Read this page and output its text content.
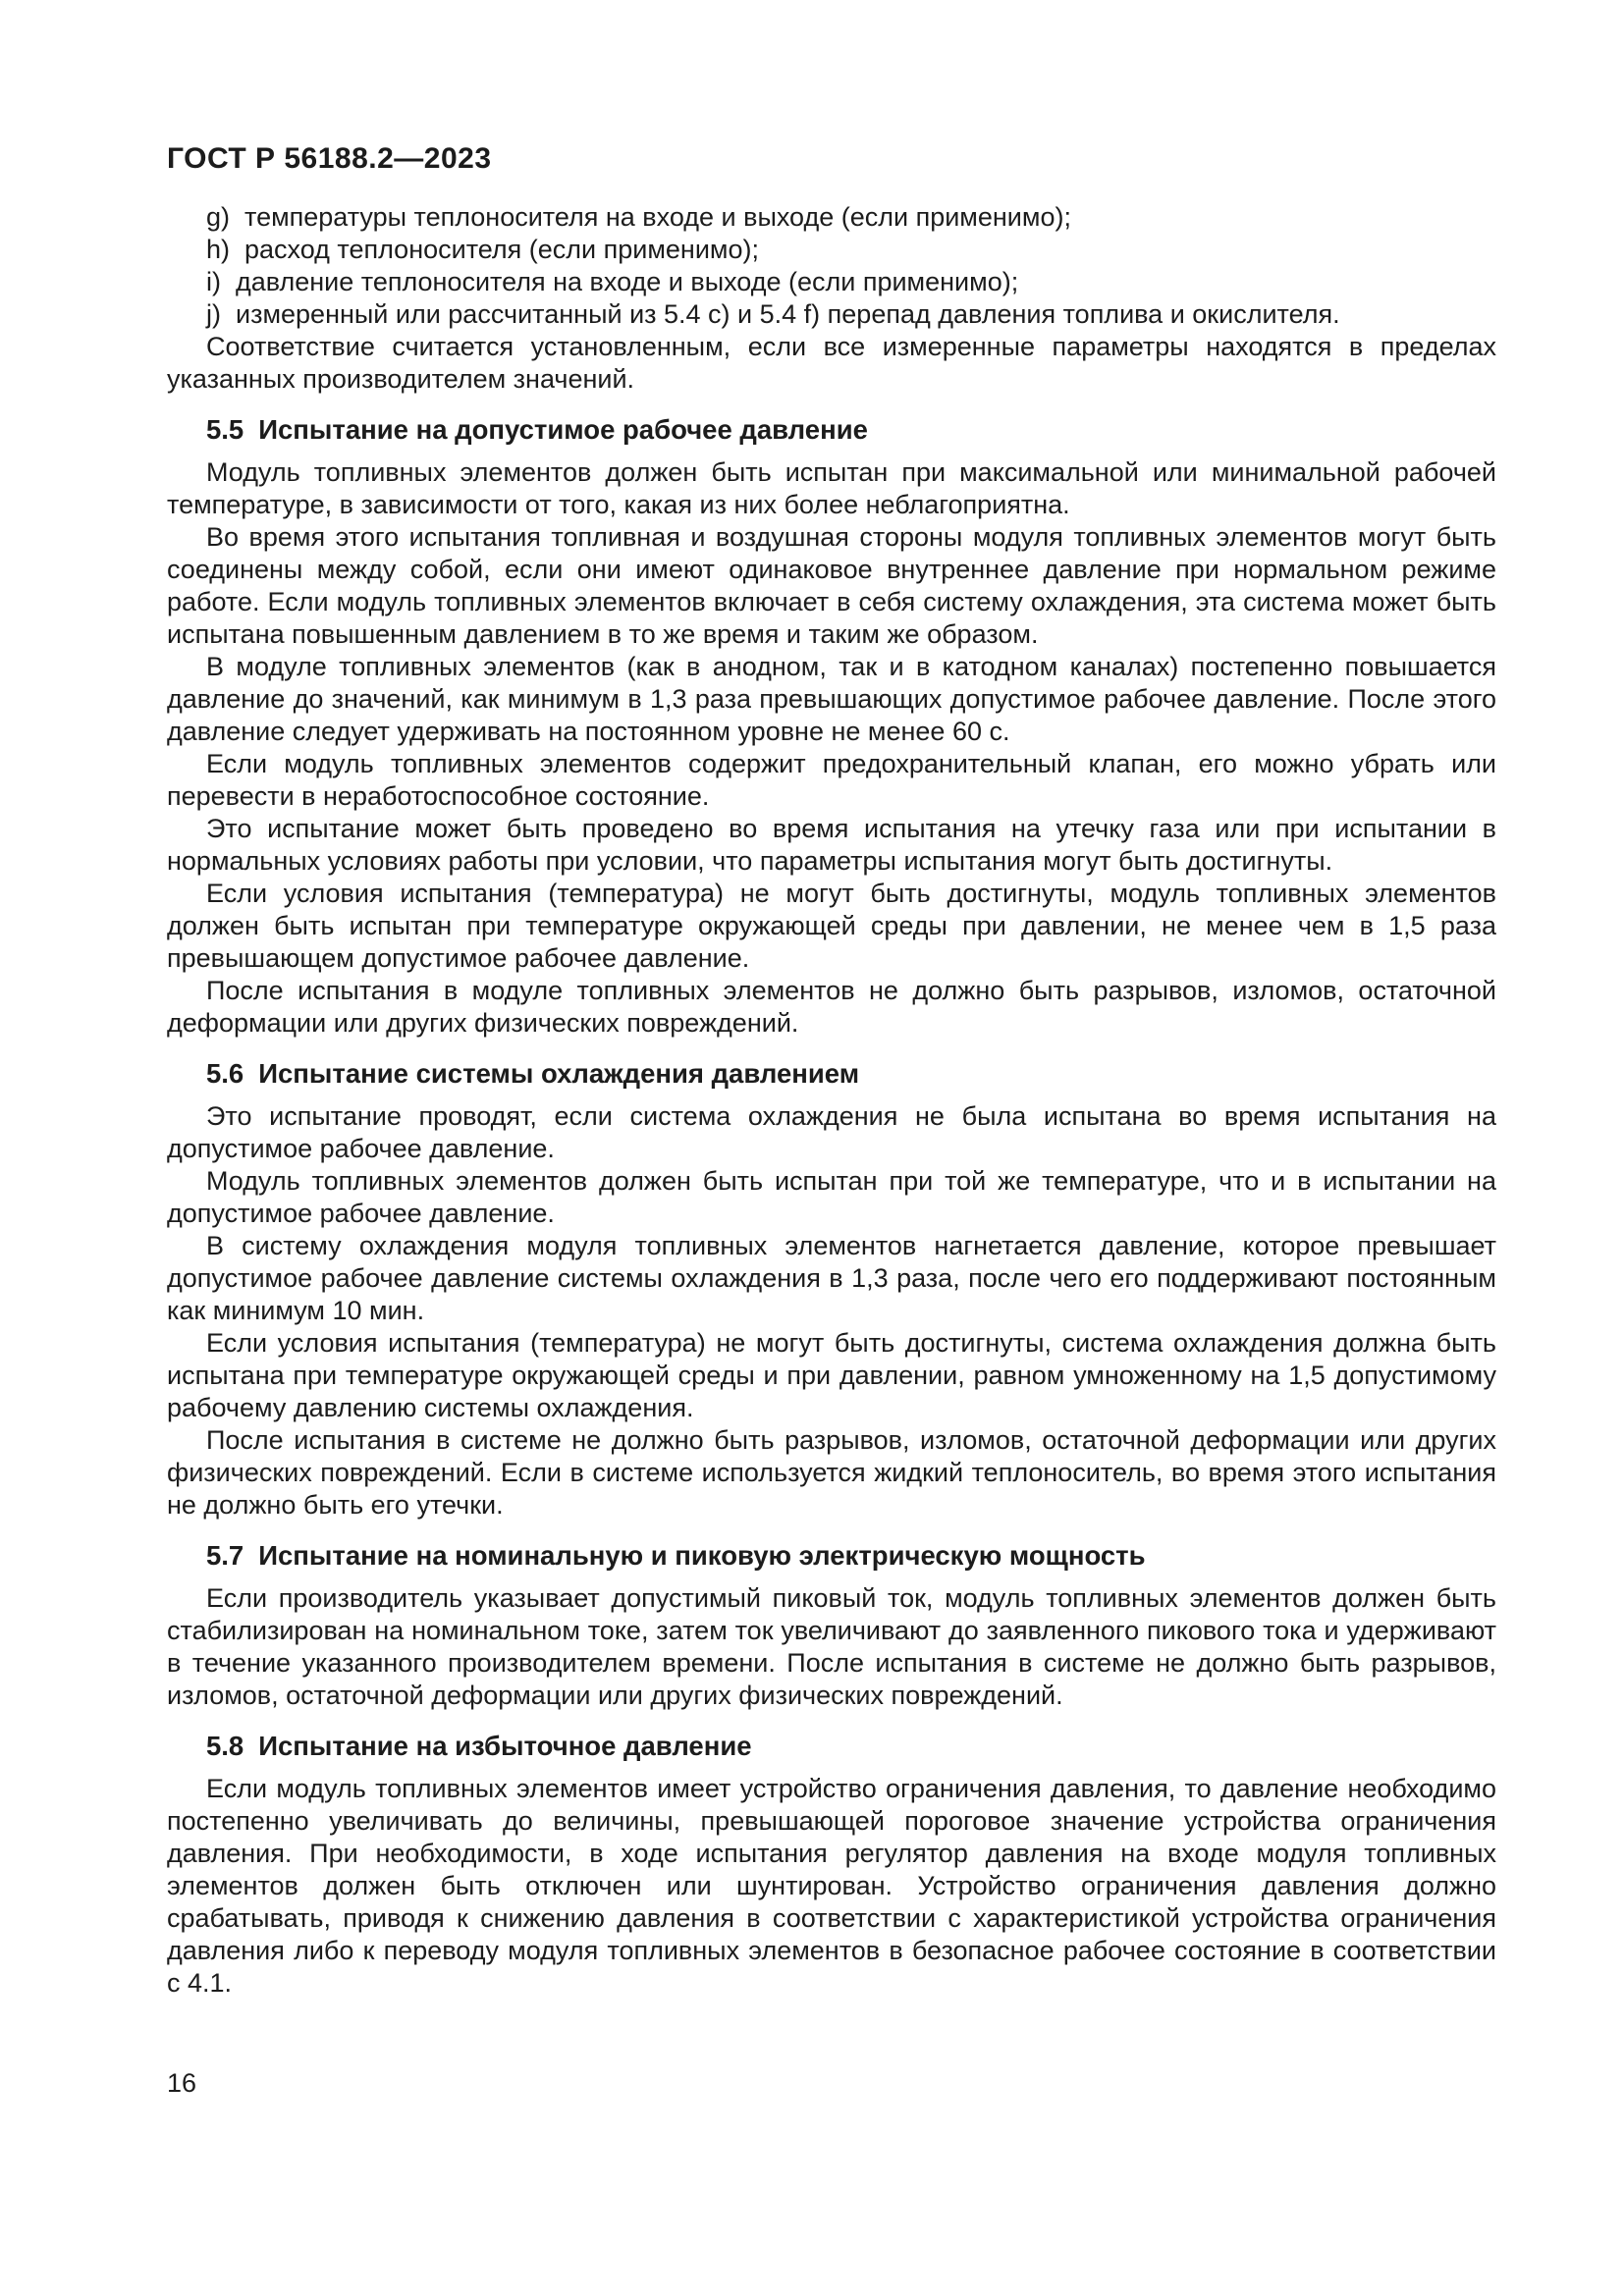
ГОСТ Р 56188.2—2023

g)  температуры теплоносителя на входе и выходе (если применимо);

h)  расход теплоносителя (если применимо);

i)  давление теплоносителя на входе и выходе (если применимо);

j)  измеренный или рассчитанный из 5.4 c) и 5.4 f) перепад давления топлива и окислителя.

Соответствие считается установленным, если все измеренные параметры находятся в пределах указанных производителем значений.

5.5 Испытание на допустимое рабочее давление

Модуль топливных элементов должен быть испытан при максимальной или минимальной рабочей температуре, в зависимости от того, какая из них более неблагоприятна.

Во время этого испытания топливная и воздушная стороны модуля топливных элементов могут быть соединены между собой, если они имеют одинаковое внутреннее давление при нормальном режиме работе. Если модуль топливных элементов включает в себя систему охлаждения, эта система может быть испытана повышенным давлением в то же время и таким же образом.

В модуле топливных элементов (как в анодном, так и в катодном каналах) постепенно повышается давление до значений, как минимум в 1,3 раза превышающих допустимое рабочее давление. После этого давление следует удерживать на постоянном уровне не менее 60 с.

Если модуль топливных элементов содержит предохранительный клапан, его можно убрать или перевести в неработоспособное состояние.

Это испытание может быть проведено во время испытания на утечку газа или при испытании в нормальных условиях работы при условии, что параметры испытания могут быть достигнуты.

Если условия испытания (температура) не могут быть достигнуты, модуль топливных элементов должен быть испытан при температуре окружающей среды при давлении, не менее чем в 1,5 раза превышающем допустимое рабочее давление.

После испытания в модуле топливных элементов не должно быть разрывов, изломов, остаточной деформации или других физических повреждений.

5.6 Испытание системы охлаждения давлением

Это испытание проводят, если система охлаждения не была испытана во время испытания на допустимое рабочее давление.

Модуль топливных элементов должен быть испытан при той же температуре, что и в испытании на допустимое рабочее давление.

В систему охлаждения модуля топливных элементов нагнетается давление, которое превышает допустимое рабочее давление системы охлаждения в 1,3 раза, после чего его поддерживают постоянным как минимум 10 мин.

Если условия испытания (температура) не могут быть достигнуты, система охлаждения должна быть испытана при температуре окружающей среды и при давлении, равном умноженному на 1,5 допустимому рабочему давлению системы охлаждения.

После испытания в системе не должно быть разрывов, изломов, остаточной деформации или других физических повреждений. Если в системе используется жидкий теплоноситель, во время этого испытания не должно быть его утечки.

5.7 Испытание на номинальную и пиковую электрическую мощность

Если производитель указывает допустимый пиковый ток, модуль топливных элементов должен быть стабилизирован на номинальном токе, затем ток увеличивают до заявленного пикового тока и удерживают в течение указанного производителем времени. После испытания в системе не должно быть разрывов, изломов, остаточной деформации или других физических повреждений.

5.8 Испытание на избыточное давление

Если модуль топливных элементов имеет устройство ограничения давления, то давление необходимо постепенно увеличивать до величины, превышающей пороговое значение устройства ограничения давления. При необходимости, в ходе испытания регулятор давления на входе модуля топливных элементов должен быть отключен или шунтирован. Устройство ограничения давления должно срабатывать, приводя к снижению давления в соответствии с характеристикой устройства ограничения давления либо к переводу модуля топливных элементов в безопасное рабочее состояние в соответствии с 4.1.

16
